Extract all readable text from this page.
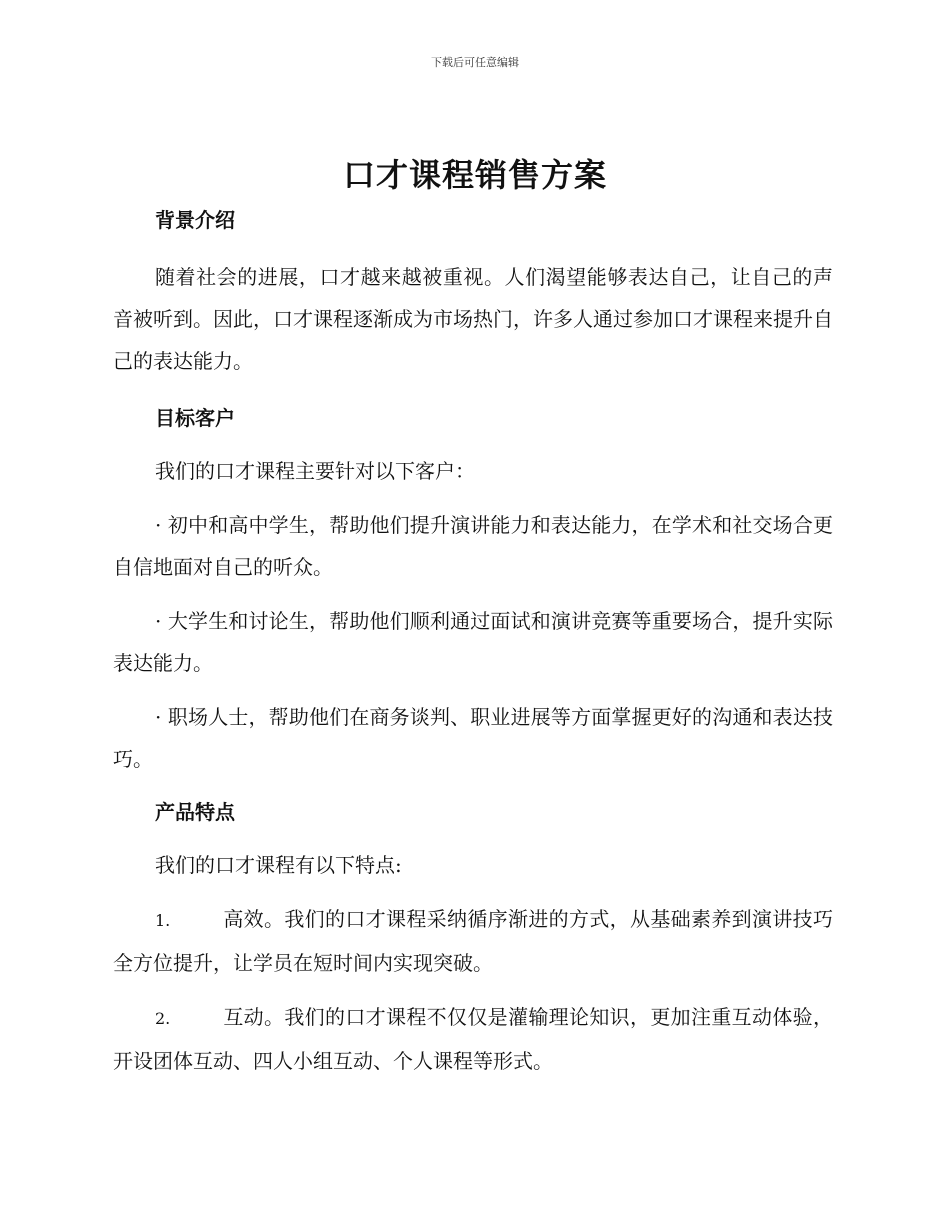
下载后可任意编辑
口才课程销售方案
背景介绍

随着社会的进展，口才越来越被重视。人们渴望能够表达自己，让自己的声音被听到。因此，口才课程逐渐成为市场热门，许多人通过参加口才课程来提升自己的表达能力。

目标客户

我们的口才课程主要针对以下客户：

· 初中和高中学生，帮助他们提升演讲能力和表达能力，在学术和社交场合更自信地面对自己的听众。

· 大学生和讨论生，帮助他们顺利通过面试和演讲竞赛等重要场合，提升实际表达能力。

· 职场人士，帮助他们在商务谈判、职业进展等方面掌握更好的沟通和表达技巧。

产品特点

我们的口才课程有以下特点:

1.	高效。我们的口才课程采纳循序渐进的方式，从基础素养到演讲技巧全方位提升，让学员在短时间内实现突破。

2.	互动。我们的口才课程不仅仅是灌输理论知识，更加注重互动体验，开设团体互动、四人小组互动、个人课程等形式。
